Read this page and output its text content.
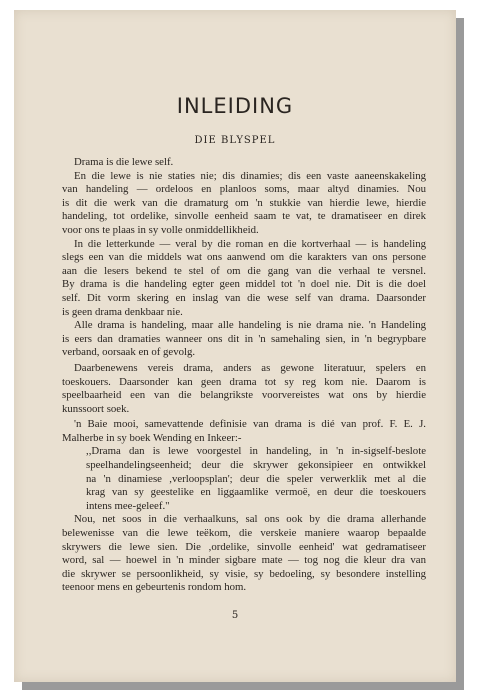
INLEIDING
DIE BLYSPEL
Drama is die lewe self.
En die lewe is nie staties nie; dis dinamies; dis een vaste aaneenskakeling
van handeling — ordeloos en planloos soms, maar altyd dinamies. Nou
is dit die werk van die dramaturg om 'n stukkie van hierdie lewe, hierdie
handeling, tot ordelike, sinvolle eenheid saam te vat, te dramatiseer en direk
voor ons te plaas in sy volle onmiddellikheid.
In die letterkunde — veral by die roman en die kortverhaal — is handeling
slegs een van die middels wat ons aanwend om die karakters van ons persone
aan die lesers bekend te stel of om die gang van die verhaal te versnel.
By drama is die handeling egter geen middel tot 'n doel nie. Dit is die doel
self. Dit vorm skering en inslag van die wese self van drama. Daarsonder
is geen drama denkbaar nie.
Alle drama is handeling, maar alle handeling is nie drama nie. 'n Handeling
is eers dan dramaties wanneer ons dit in 'n samehaling sien, in 'n begrypbare
verband, oorsaak en of gevolg.
Daarbenewens vereis drama, anders as gewone literatuur, spelers en
toeskouers. Daarsonder kan geen drama tot sy reg kom nie. Daarom is
speelbaarheid een van die belangrikste voorvereistes wat ons by hierdie
kunssoort soek.
'n Baie mooi, samevattende definisie van drama is dié van prof. F. E. J.
Malherbe in sy boek Wending en Inkeer:-
,,Drama dan is lewe voorgestel in handeling, in 'n in-sigself-beslote
speelhandelingseenheid; deur die skrywer gekonsipieer en ontwikkel
na 'n dinamiese ,verloopsplan'; deur die speler verwerklik met al die
krag van sy geestelike en liggaamlike vermoë, en deur die toeskouers
intens mee-geleef."
Nou, net soos in die verhaalkuns, sal ons ook by die drama allerhande
belewenisse van die lewe teëkom, die verskeie maniere waarop bepaalde
skrywers die lewe sien. Die ,ordelike, sinvolle eenheid' wat gedramatiseer
word, sal — hoewel in 'n minder sigbare mate — tog nog die kleur dra van
die skrywer se persoonlikheid, sy visie, sy bedoeling, sy besondere instelling
teenoor mens en gebeurtenis rondom hom.
5
